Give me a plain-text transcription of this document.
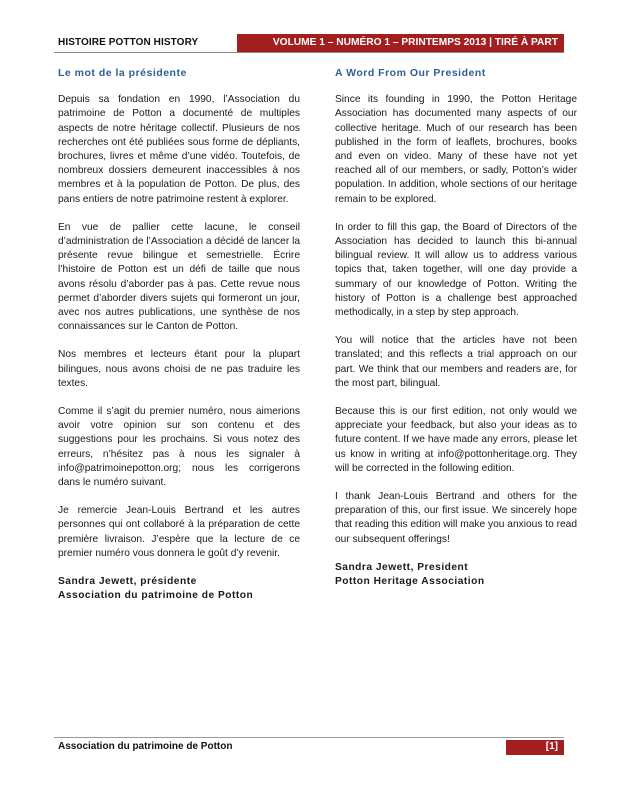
HISTOIRE POTTON HISTORY	VOLUME 1 – NUMÉRO 1 – PRINTEMPS 2013 | TIRÉ À PART
Le mot de la présidente

Depuis sa fondation en 1990, l’Association du patrimoine de Potton a documenté de multiples aspects de notre héritage collectif. Plusieurs de nos recherches ont été publiées sous forme de dépliants, brochures, livres et même d’une vidéo. Toutefois, de nombreux dossiers demeurent inaccessibles à nos membres et à la population de Potton. De plus, des pans entiers de notre patrimoine restent à explorer.

En vue de pallier cette lacune, le conseil d’administration de l’Association a décidé de lancer la présente revue bilingue et semestrielle. Écrire l’histoire de Potton est un défi de taille que nous avons résolu d’aborder pas à pas. Cette revue nous permet d’aborder divers sujets qui formeront un jour, avec nos autres publications, une synthèse de nos connaissances sur le Canton de Potton.

Nos membres et lecteurs étant pour la plupart bilingues, nous avons choisi de ne pas traduire les textes.

Comme il s’agit du premier numéro, nous aimerions avoir votre opinion sur son contenu et des suggestions pour les prochains. Si vous notez des erreurs, n’hésitez pas à nous les signaler à info@patrimoinepotton.org; nous les corrigerons dans le numéro suivant.

Je remercie Jean-Louis Bertrand et les autres personnes qui ont collaboré à la préparation de cette première livraison. J’espère que la lecture de ce premier numéro vous donnera le goût d’y revenir.

Sandra Jewett, présidente
Association du patrimoine de Potton
A Word From Our President

Since its founding in 1990, the Potton Heritage Association has documented many aspects of our collective heritage. Much of our research has been published in the form of leaflets, brochures, books and even on video. Many of these have not yet reached all of our members, or sadly, Potton’s wider population. In addition, whole sections of our heritage remain to be explored.

In order to fill this gap, the Board of Directors of the Association has decided to launch this bi-annual bilingual review. It will allow us to address various topics that, taken together, will one day provide a summary of our knowledge of Potton. Writing the history of Potton is a challenge best approached methodically, in a step by step approach.

You will notice that the articles have not been translated; and this reflects a trial approach on our part. We think that our members and readers are, for the most part, bilingual.

Because this is our first edition, not only would we appreciate your feedback, but also your ideas as to future content. If we have made any errors, please let us know in writing at info@pottonheritage.org. They will be corrected in the following edition.

I thank Jean-Louis Bertrand and others for the preparation of this, our first issue. We sincerely hope that reading this edition will make you anxious to read our subsequent offerings!

Sandra Jewett, President
Potton Heritage Association
Association du patrimoine de Potton	[1]
